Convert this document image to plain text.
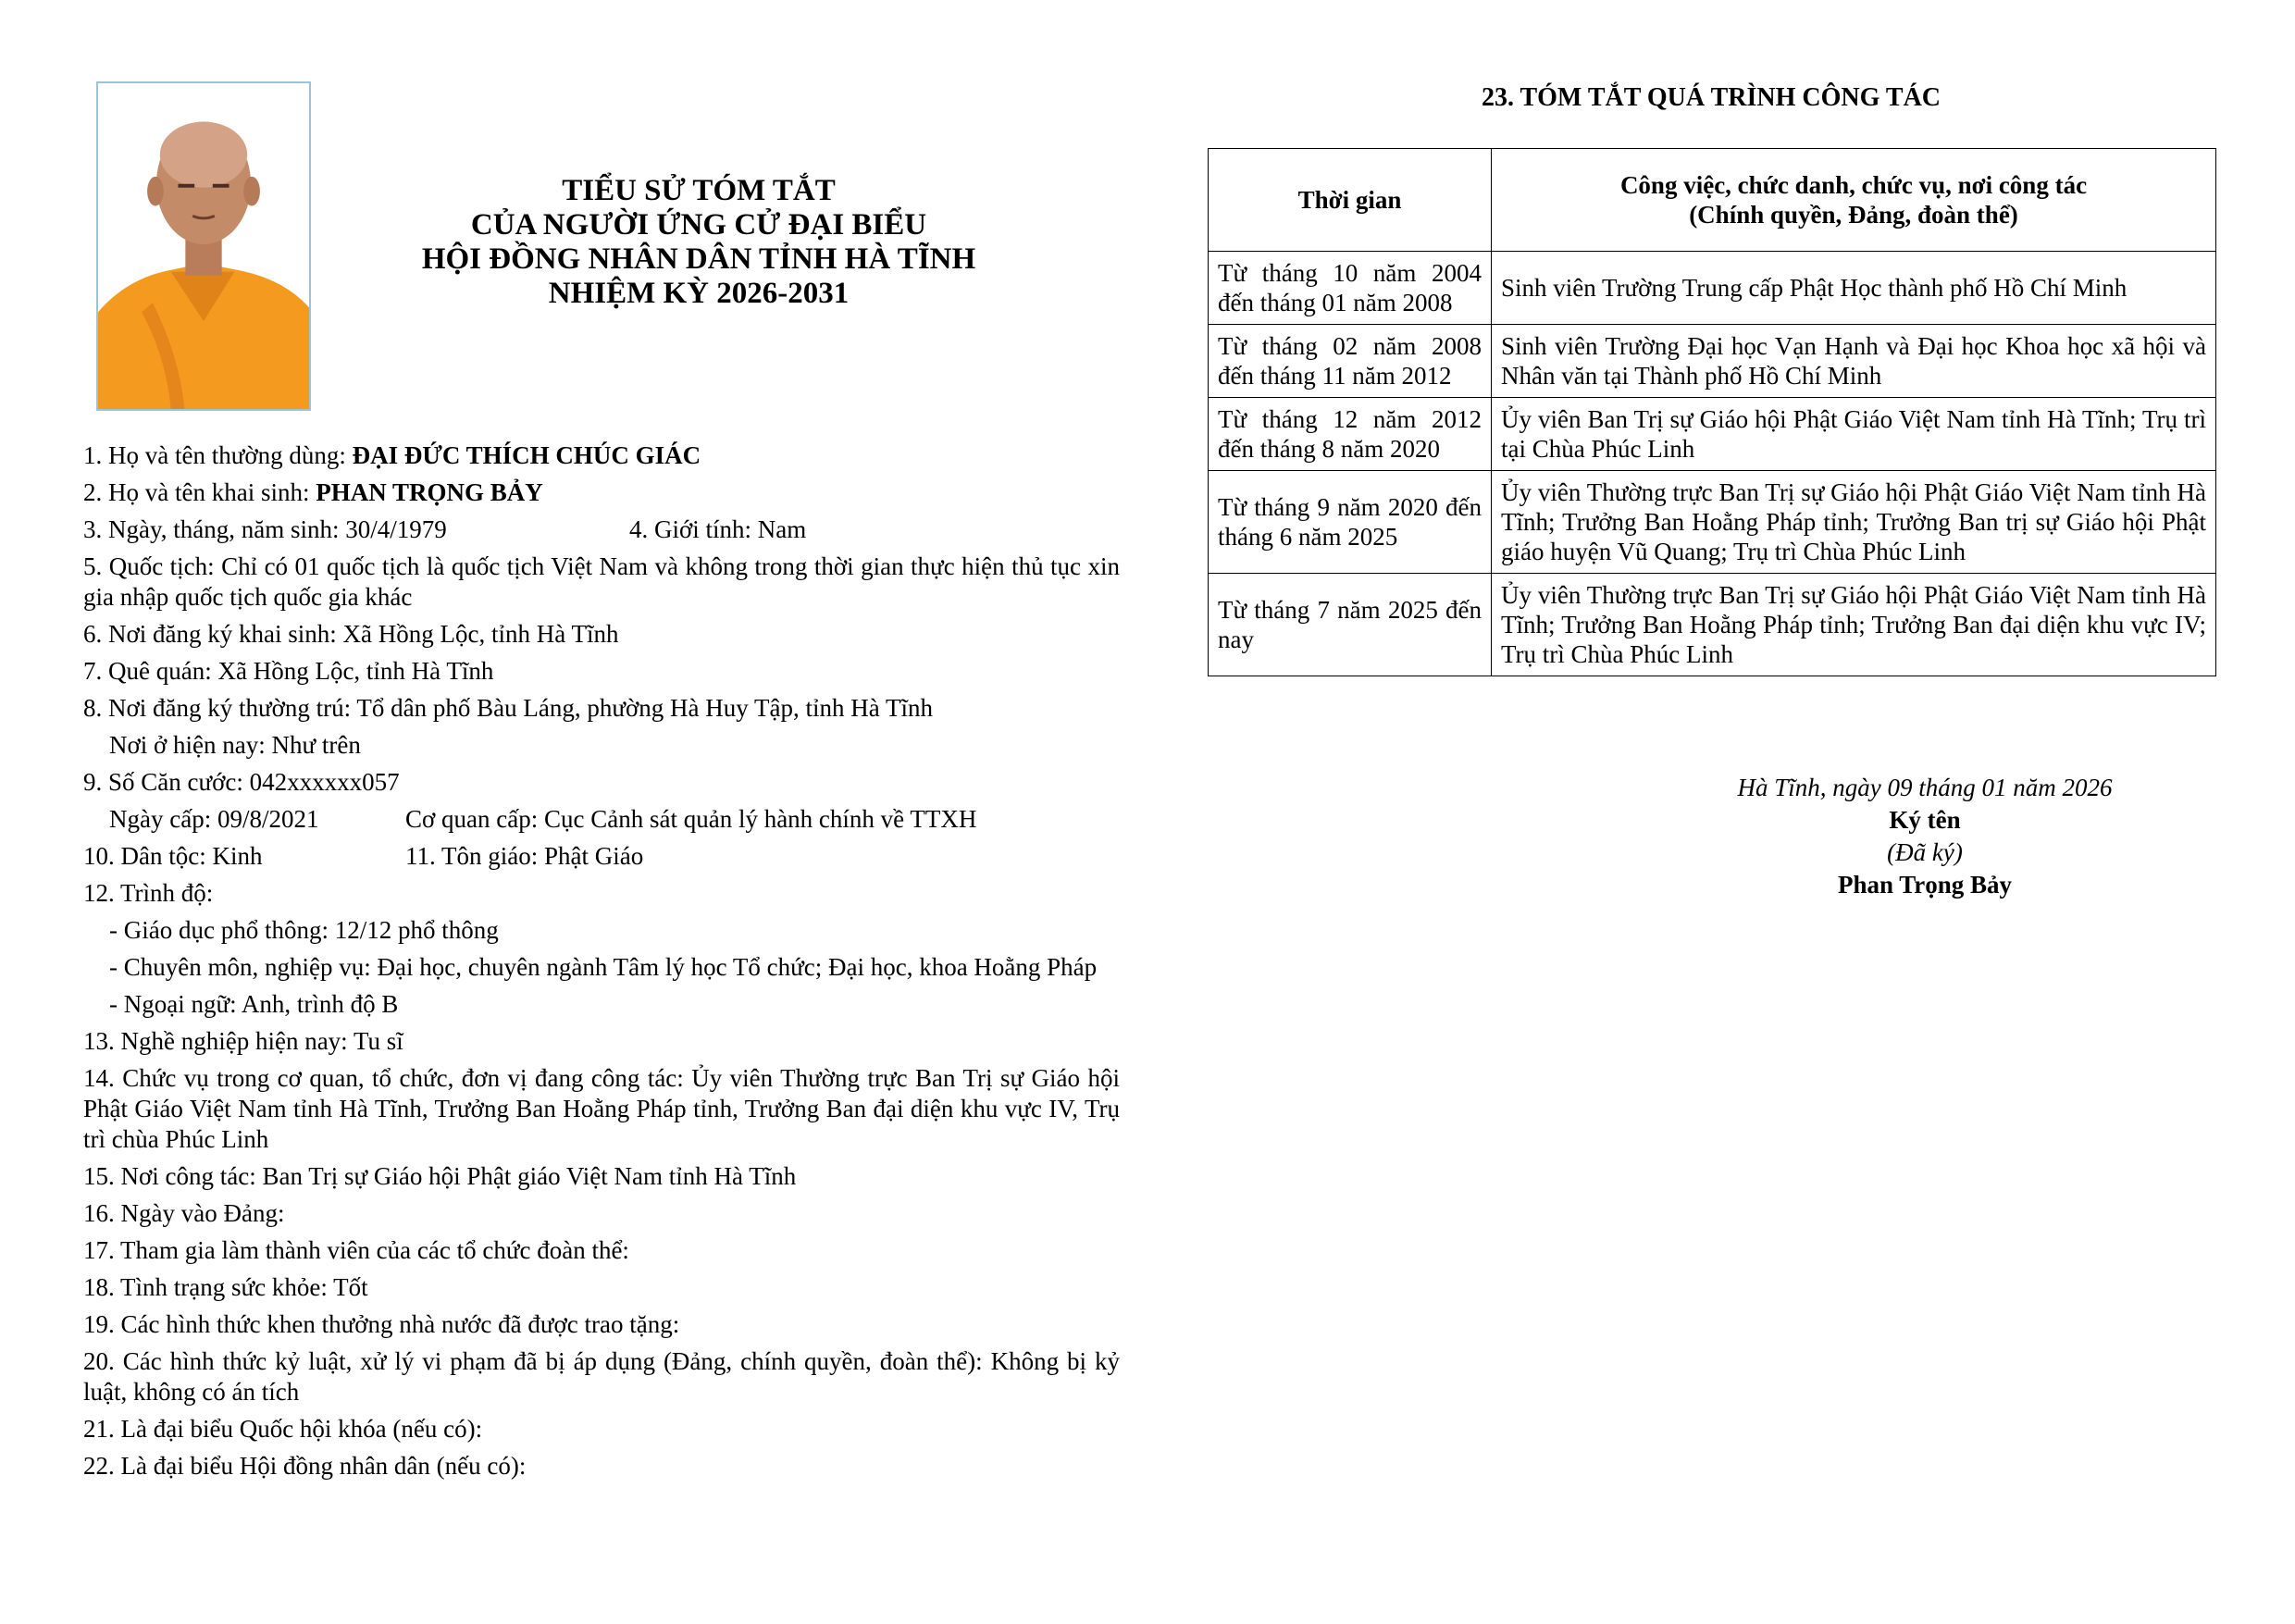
TIỂU SỬ TÓM TẮT
CỦA NGƯỜI ỨNG CỬ ĐẠI BIỂU
HỘI ĐỒNG NHÂN DÂN TỈNH HÀ TĨNH
NHIỆM KỲ 2026-2031
1. Họ và tên thường dùng: ĐẠI ĐỨC THÍCH CHÚC GIÁC
2. Họ và tên khai sinh: PHAN TRỌNG BẢY
3. Ngày, tháng, năm sinh: 30/4/1979	4. Giới tính: Nam
5. Quốc tịch: Chỉ có 01 quốc tịch là quốc tịch Việt Nam và không trong thời gian thực hiện thủ tục xin gia nhập quốc tịch quốc gia khác
6. Nơi đăng ký khai sinh: Xã Hồng Lộc, tỉnh Hà Tĩnh
7. Quê quán: Xã Hồng Lộc, tỉnh Hà Tĩnh
8. Nơi đăng ký thường trú: Tổ dân phố Bàu Láng, phường Hà Huy Tập, tỉnh Hà Tĩnh
Nơi ở hiện nay: Như trên
9. Số Căn cước: 042xxxxxx057
Ngày cấp: 09/8/2021	Cơ quan cấp: Cục Cảnh sát quản lý hành chính về TTXH
10. Dân tộc: Kinh	11. Tôn giáo: Phật Giáo
12. Trình độ:
- Giáo dục phổ thông: 12/12 phổ thông
- Chuyên môn, nghiệp vụ: Đại học, chuyên ngành Tâm lý học Tổ chức; Đại học, khoa Hoằng Pháp
- Ngoại ngữ: Anh, trình độ B
13. Nghề nghiệp hiện nay: Tu sĩ
14. Chức vụ trong cơ quan, tổ chức, đơn vị đang công tác: Ủy viên Thường trực Ban Trị sự Giáo hội Phật Giáo Việt Nam tỉnh Hà Tĩnh, Trưởng Ban Hoằng Pháp tỉnh, Trưởng Ban đại diện khu vực IV, Trụ trì chùa Phúc Linh
15. Nơi công tác: Ban Trị sự Giáo hội Phật giáo Việt Nam tỉnh Hà Tĩnh
16. Ngày vào Đảng:
17. Tham gia làm thành viên của các tổ chức đoàn thể:
18. Tình trạng sức khỏe: Tốt
19. Các hình thức khen thưởng nhà nước đã được trao tặng:
20. Các hình thức kỷ luật, xử lý vi phạm đã bị áp dụng (Đảng, chính quyền, đoàn thể): Không bị kỷ luật, không có án tích
21. Là đại biểu Quốc hội khóa (nếu có):
22. Là đại biểu Hội đồng nhân dân (nếu có):
23. TÓM TẮT QUÁ TRÌNH CÔNG TÁC
Thời gian	Công việc, chức danh, chức vụ, nơi công tác
(Chính quyền, Đảng, đoàn thể)

Từ tháng 10 năm 2004 đến tháng 01 năm 2008	Sinh viên Trường Trung cấp Phật Học thành phố Hồ Chí Minh
Từ tháng 02 năm 2008 đến tháng 11 năm 2012	Sinh viên Trường Đại học Vạn Hạnh và Đại học Khoa học xã hội và Nhân văn tại Thành phố Hồ Chí Minh
Từ tháng 12 năm 2012 đến tháng 8 năm 2020	Ủy viên Ban Trị sự Giáo hội Phật Giáo Việt Nam tỉnh Hà Tĩnh; Trụ trì tại Chùa Phúc Linh
Từ tháng 9 năm 2020 đến tháng 6 năm 2025	Ủy viên Thường trực Ban Trị sự Giáo hội Phật Giáo Việt Nam tỉnh Hà Tĩnh; Trưởng Ban Hoằng Pháp tỉnh; Trưởng Ban trị sự Giáo hội Phật giáo huyện Vũ Quang; Trụ trì Chùa Phúc Linh
Từ tháng 7 năm 2025 đến nay	Ủy viên Thường trực Ban Trị sự Giáo hội Phật Giáo Việt Nam tỉnh Hà Tĩnh; Trưởng Ban Hoằng Pháp tỉnh; Trưởng Ban đại diện khu vực IV; Trụ trì Chùa Phúc Linh
Hà Tĩnh, ngày 09 tháng 01 năm 2026
Ký tên
(Đã ký)
Phan Trọng Bảy
